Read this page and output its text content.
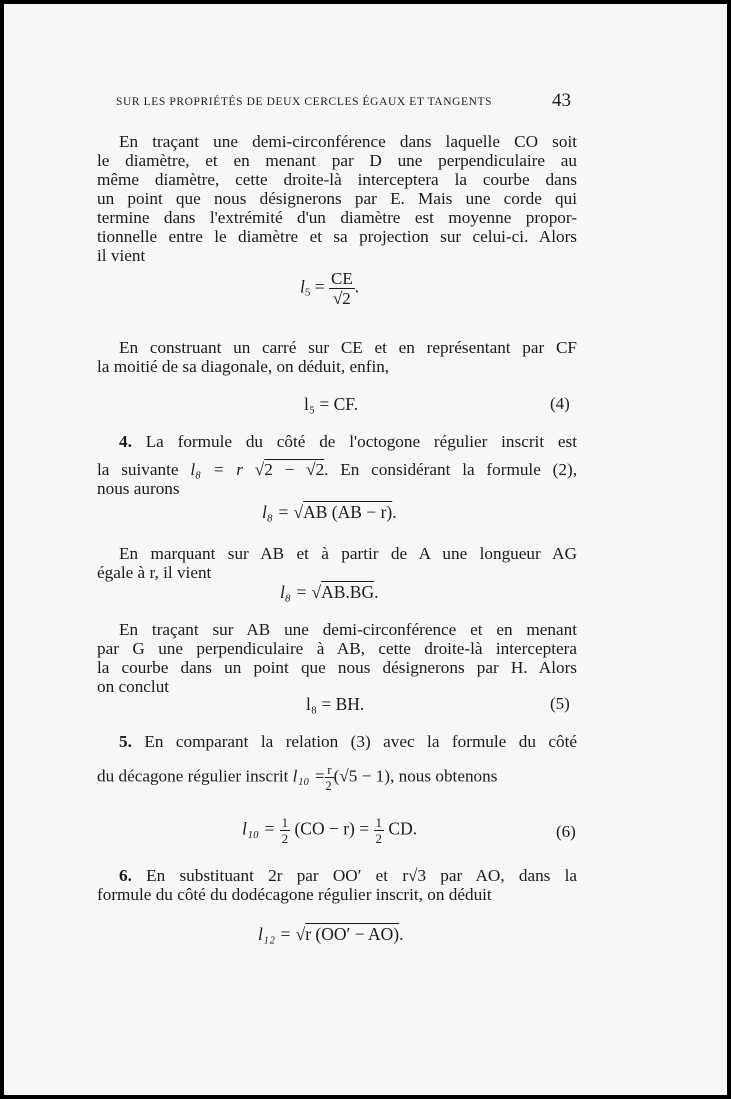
SUR LES PROPRIÉTÉS DE DEUX CERCLES ÉGAUX ET TANGENTS	43
En traçant une demi-circonférence dans laquelle CO soit
le diamètre, et en menant par D une perpendiculaire au
même diamètre, cette droite-là interceptera la courbe dans
un point que nous désignerons par E. Mais une corde qui
termine dans l'extrémité d'un diamètre est moyenne propor-
tionnelle entre le diamètre et sa projection sur celui-ci. Alors
il vient
$l_5 = \frac{CE}{√2}$ .
En construant un carré sur CE et en représentant par CF
la moitié de sa diagonale, on déduit, enfin,
l₅ = CF.	(4)
4. La formule du côté de l'octogone régulier inscrit est
la suivante l₈ = r √2 − √2. En considérant la formule (2),
nous aurons
l₈ = √AB (AB − r).
En marquant sur AB et à partir de A une longueur AG
égale à r, il vient
l₈ = √AB.BG.
En traçant sur AB une demi-circonférence et en menant
par G une perpendiculaire à AB, cette droite-là interceptera
la courbe dans un point que nous désignerons par H. Alors
on conclut
l₈ = BH.	(5)
5. En comparant la relation (3) avec la formule du côté
du décagone régulier inscrit $l_{10} = \frac{r}{2} (√5 - 1)$, nous obtenons
$l_{10} = \frac{1}{2} (CO - r) = \frac{1}{2}$ CD.	(6)
6. En substituant 2r par OO′ et r√3 par AO, dans la
formule du côté du dodécagone régulier inscrit, on déduit
l₁₂ = √r (OO′ − AO).
